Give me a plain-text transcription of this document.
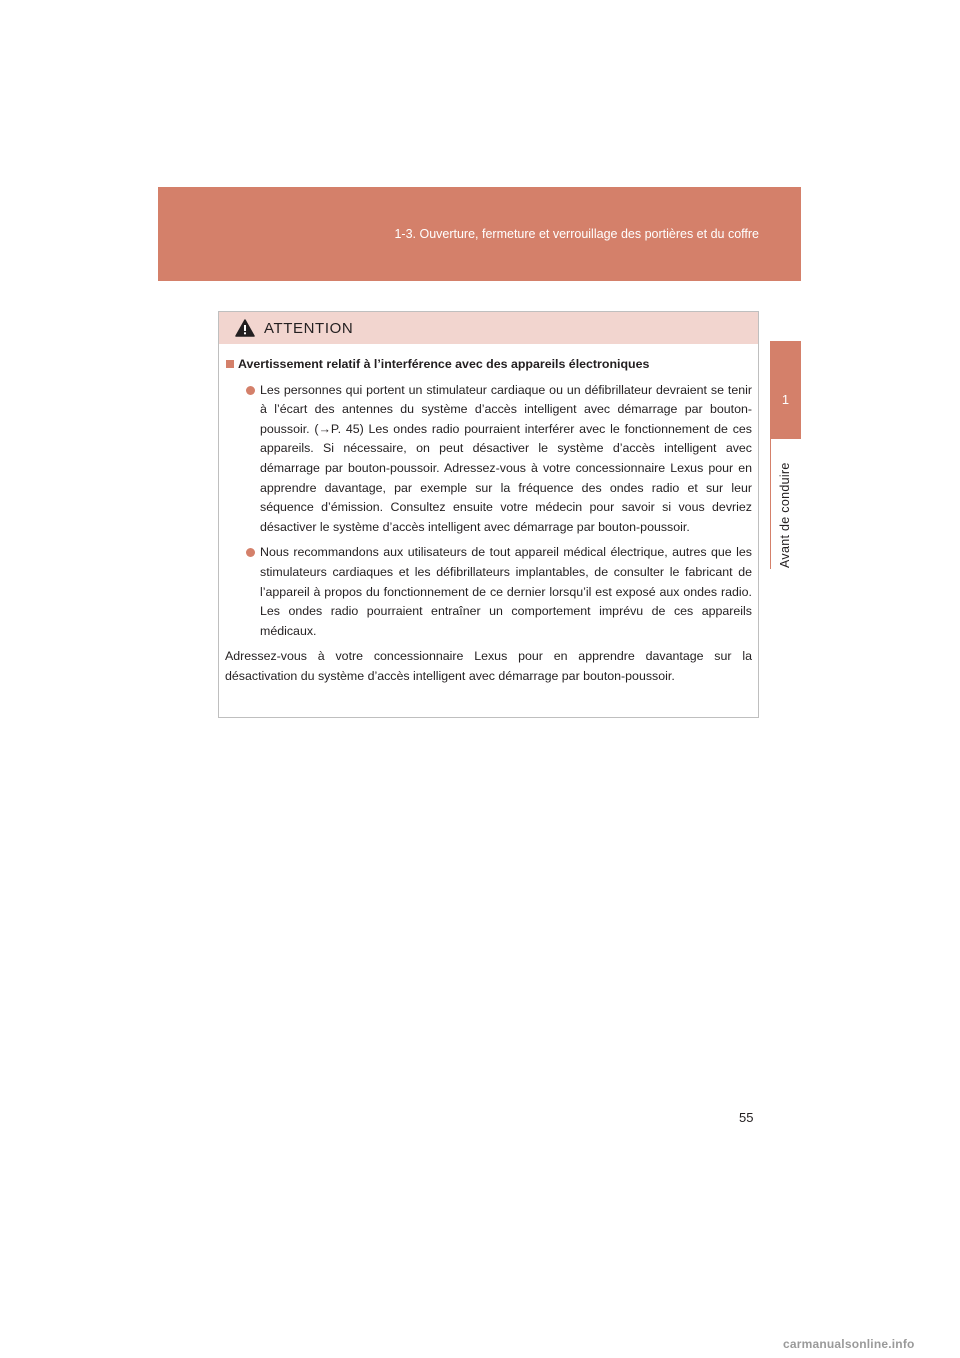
1-3. Ouverture, fermeture et verrouillage des portières et du coffre
1
Avant de conduire
ATTENTION
Avertissement relatif à l’interférence avec des appareils électroniques
Les personnes qui portent un stimulateur cardiaque ou un défibrillateur devraient se tenir à l’écart des antennes du système d’accès intelligent avec démarrage par bouton-poussoir. (→P. 45) Les ondes radio pourraient interférer avec le fonctionnement de ces appareils. Si nécessaire, on peut désactiver le système d’accès intelligent avec démarrage par bouton-poussoir. Adressez-vous à votre concessionnaire Lexus pour en apprendre davantage, par exemple sur la fréquence des ondes radio et sur leur séquence d’émission. Consultez ensuite votre médecin pour savoir si vous devriez désactiver le système d’accès intelligent avec démarrage par bouton-poussoir.
Nous recommandons aux utilisateurs de tout appareil médical électrique, autres que les stimulateurs cardiaques et les défibrillateurs implantables, de consulter le fabricant de l’appareil à propos du fonctionnement de ce dernier lorsqu’il est exposé aux ondes radio. Les ondes radio pourraient entraîner un comportement imprévu de ces appareils médicaux.
Adressez-vous à votre concessionnaire Lexus pour en apprendre davantage sur la désactivation du système d’accès intelligent avec démarrage par bouton-poussoir.
55
carmanualsonline.info
